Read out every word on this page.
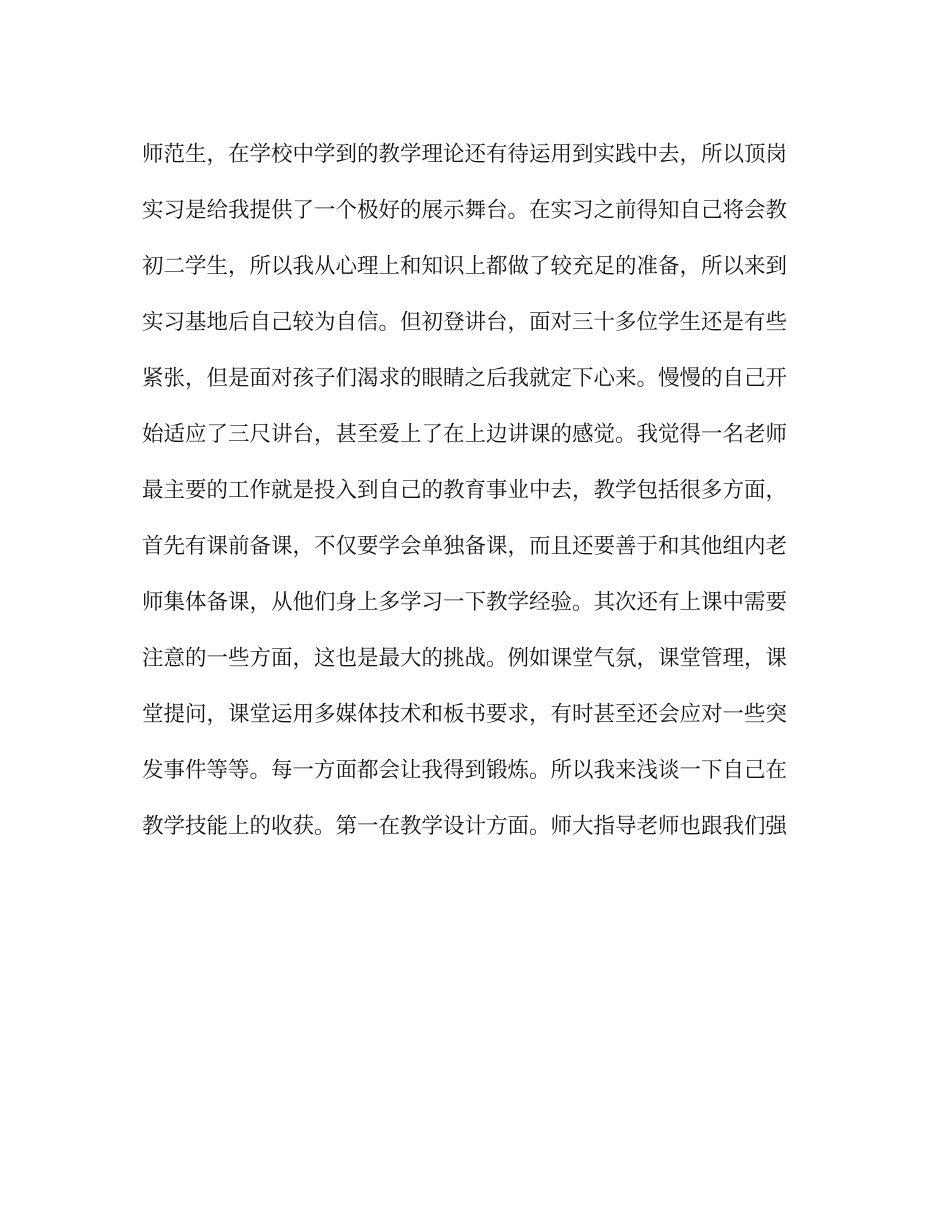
师范生，在学校中学到的教学理论还有待运用到实践中去，所以顶岗
实习是给我提供了一个极好的展示舞台。在实习之前得知自己将会教
初二学生，所以我从心理上和知识上都做了较充足的准备，所以来到
实习基地后自己较为自信。但初登讲台，面对三十多位学生还是有些
紧张，但是面对孩子们渴求的眼睛之后我就定下心来。慢慢的自己开
始适应了三尺讲台，甚至爱上了在上边讲课的感觉。我觉得一名老师
最主要的工作就是投入到自己的教育事业中去，教学包括很多方面，
首先有课前备课，不仅要学会单独备课，而且还要善于和其他组内老
师集体备课，从他们身上多学习一下教学经验。其次还有上课中需要
注意的一些方面，这也是最大的挑战。例如课堂气氛，课堂管理，课
堂提问，课堂运用多媒体技术和板书要求，有时甚至还会应对一些突
发事件等等。每一方面都会让我得到锻炼。所以我来浅谈一下自己在
教学技能上的收获。第一在教学设计方面。师大指导老师也跟我们强
